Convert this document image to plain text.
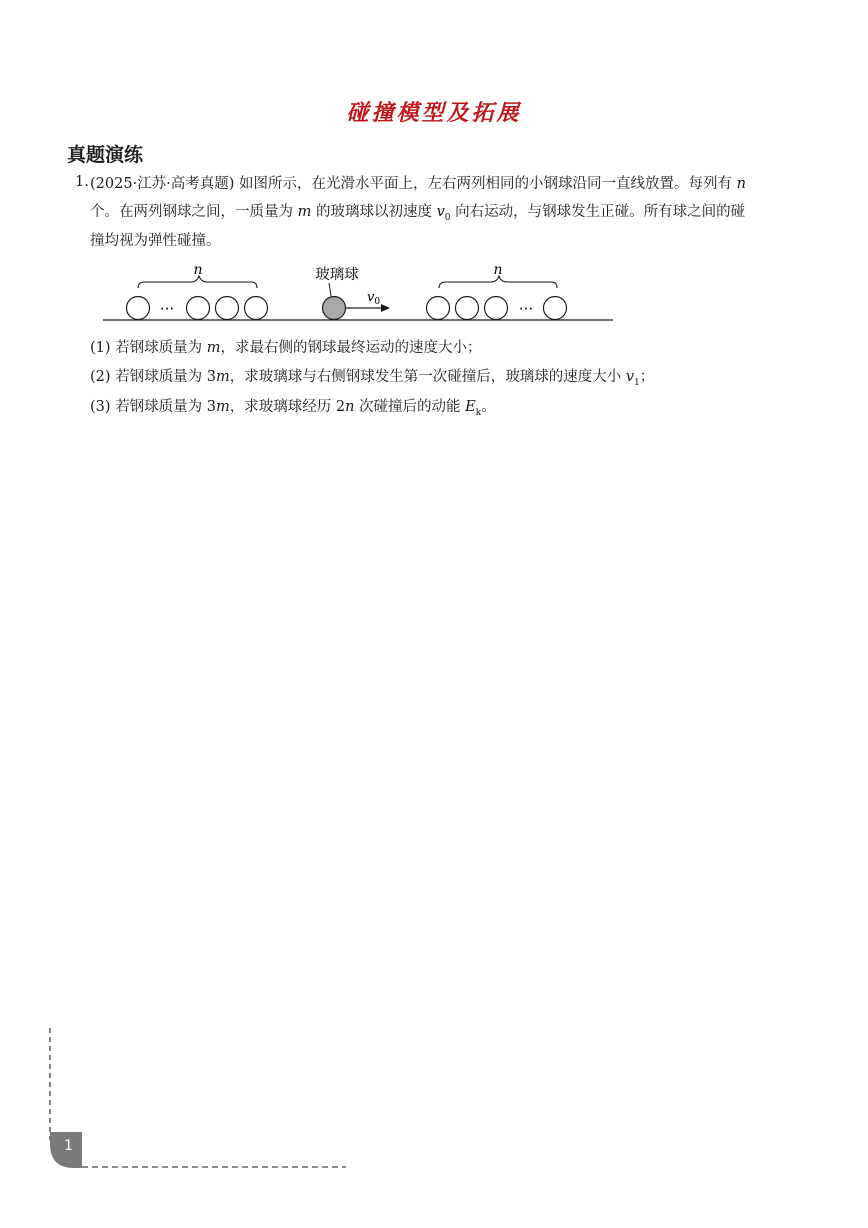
碰撞模型及拓展
真题演练
1. (2025·江苏·高考真题) 如图所示，在光滑水平面上，左右两列相同的小钢球沿同一直线放置。每列有 n
个。在两列钢球之间，一质量为 m 的玻璃球以初速度 $v_0$ 向右运动，与钢球发生正碰。所有球之间的碰
撞均视为弹性碰撞。
n
···
玻璃球
$v_0$
n
···
(1) 若钢球质量为 m，求最右侧的钢球最终运动的速度大小；
(2) 若钢球质量为 3m，求玻璃球与右侧钢球发生第一次碰撞后，玻璃球的速度大小 $v_1$；
(3) 若钢球质量为 3m，求玻璃球经历 2n 次碰撞后的动能 $E_k$。
1
